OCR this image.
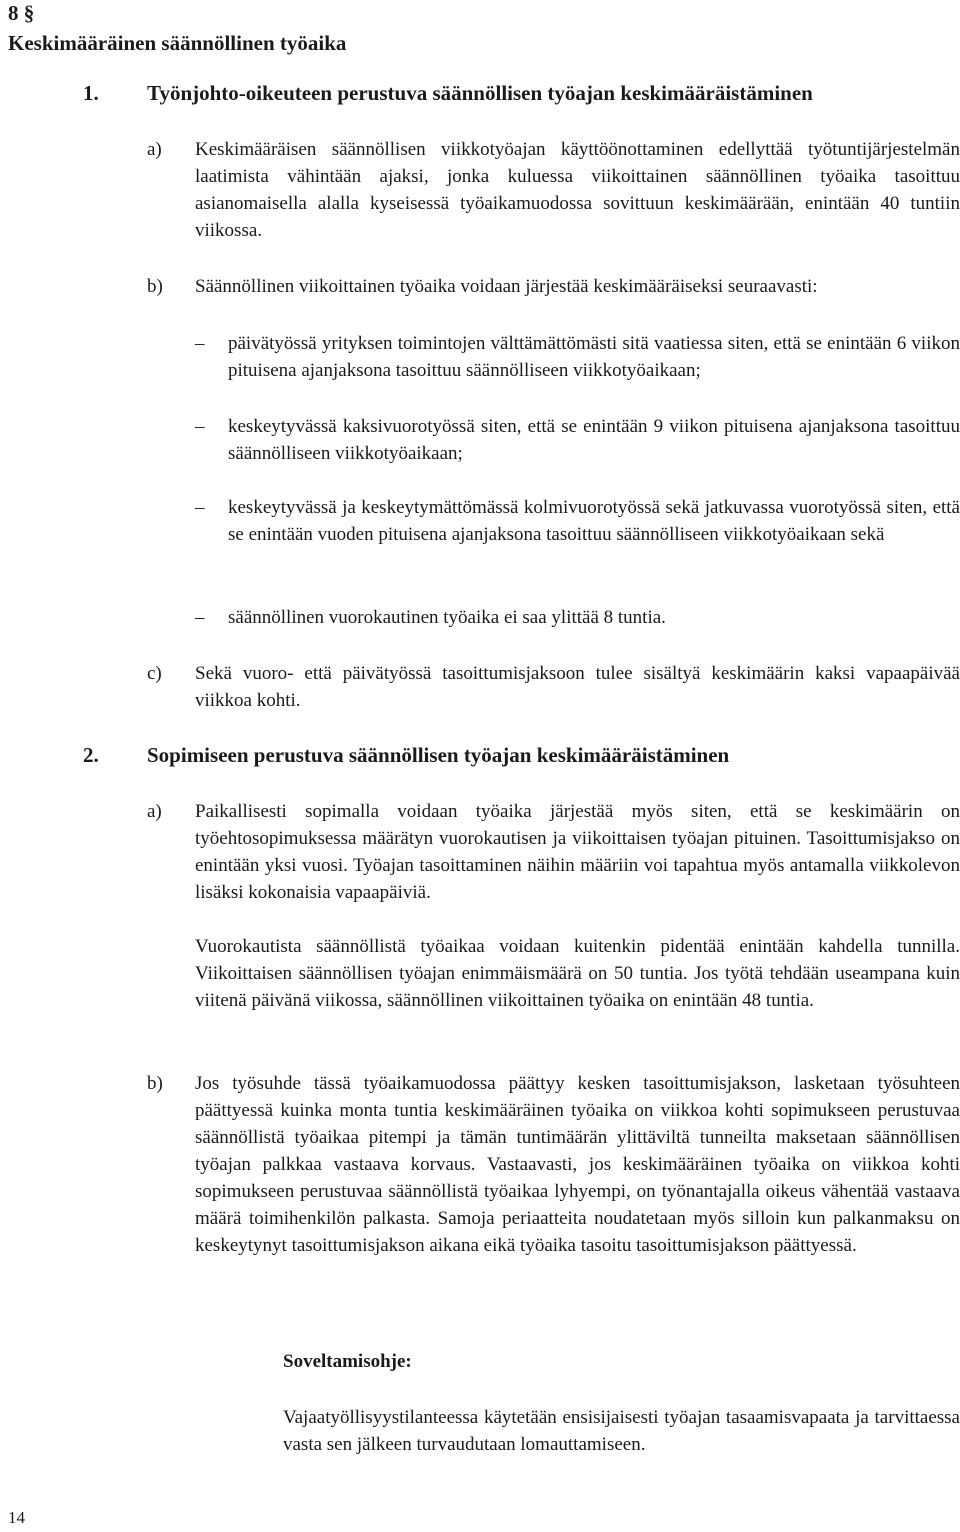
8 §
Keskimääräinen säännöllinen työaika
1. Työnjohto-oikeuteen perustuva säännöllisen työajan keskimääräistäminen
a) Keskimääräisen säännöllisen viikkotyöajan käyttöönottaminen edellyttää työtuntijärjestelmän laatimista vähintään ajaksi, jonka kuluessa viikoittainen säännöllinen työaika tasoittuu asianomaisella alalla kyseisessä työaikamuodossa sovittuun keskimäärään, enintään 40 tuntiin viikossa.
b) Säännöllinen viikoittainen työaika voidaan järjestää keskimääräiseksi seuraavasti:
– päivätyössä yrityksen toimintojen välttämättömästi sitä vaatiessa siten, että se enintään 6 viikon pituisena ajanjaksona tasoittuu säännölliseen viikkotyöaikaan;
– keskeytyvässä kaksivuorotyössä siten, että se enintään 9 viikon pituisena ajanjaksona tasoittuu säännölliseen viikkotyöaikaan;
– keskeytyvässä ja keskeytymättömässä kolmivuorotyössä sekä jatkuvassa vuorotyössä siten, että se enintään vuoden pituisena ajanjaksona tasoittuu säännölliseen viikkotyöaikaan sekä
– säännöllinen vuorokautinen työaika ei saa ylittää 8 tuntia.
c) Sekä vuoro- että päivätyössä tasoittumisjaksoon tulee sisältyä keskimäärin kaksi vapaapäivää viikkoa kohti.
2. Sopimiseen perustuva säännöllisen työajan keskimääräistäminen
a) Paikallisesti sopimalla voidaan työaika järjestää myös siten, että se keskimäärin on työehtosopimuksessa määrätyn vuorokautisen ja viikoittaisen työajan pituinen. Tasoittumisjakso on enintään yksi vuosi. Työajan tasoittaminen näihin määriin voi tapahtua myös antamalla viikkolevon lisäksi kokonaisia vapaapäiviä.

Vuorokautista säännöllistä työaikaa voidaan kuitenkin pidentää enintään kahdella tunnilla. Viikoittaisen säännöllisen työajan enimmäismäärä on 50 tuntia. Jos työtä tehdään useampana kuin viitenä päivänä viikossa, säännöllinen viikoittainen työaika on enintään 48 tuntia.

b) Jos työsuhde tässä työaikamuodossa päättyy kesken tasoittumisjakson, lasketaan työsuhteen päättyessä kuinka monta tuntia keskimääräinen työaika on viikkoa kohti sopimukseen perustuvaa säännöllistä työaikaa pitempi ja tämän tuntimäärän ylittäviltä tunneilta maksetaan säännöllisen työajan palkkaa vastaava korvaus. Vastaavasti, jos keskimääräinen työaika on viikkoa kohti sopimukseen perustuvaa säännöllistä työaikaa lyhyempi, on työnantajalla oikeus vähentää vastaava määrä toimihenkilön palkasta. Samoja periaatteita noudatetaan myös silloin kun palkanmaksu on keskeytynyt tasoittumisjakson aikana eikä työaika tasoitu tasoittumisjakson päättyessä.

Soveltamisohje:
Vajaatyöllisyystilanteessa käytetään ensisijaisesti työajan tasaamisvapaata ja tarvittaessa vasta sen jälkeen turvaudutaan lomauttamiseen.
14
